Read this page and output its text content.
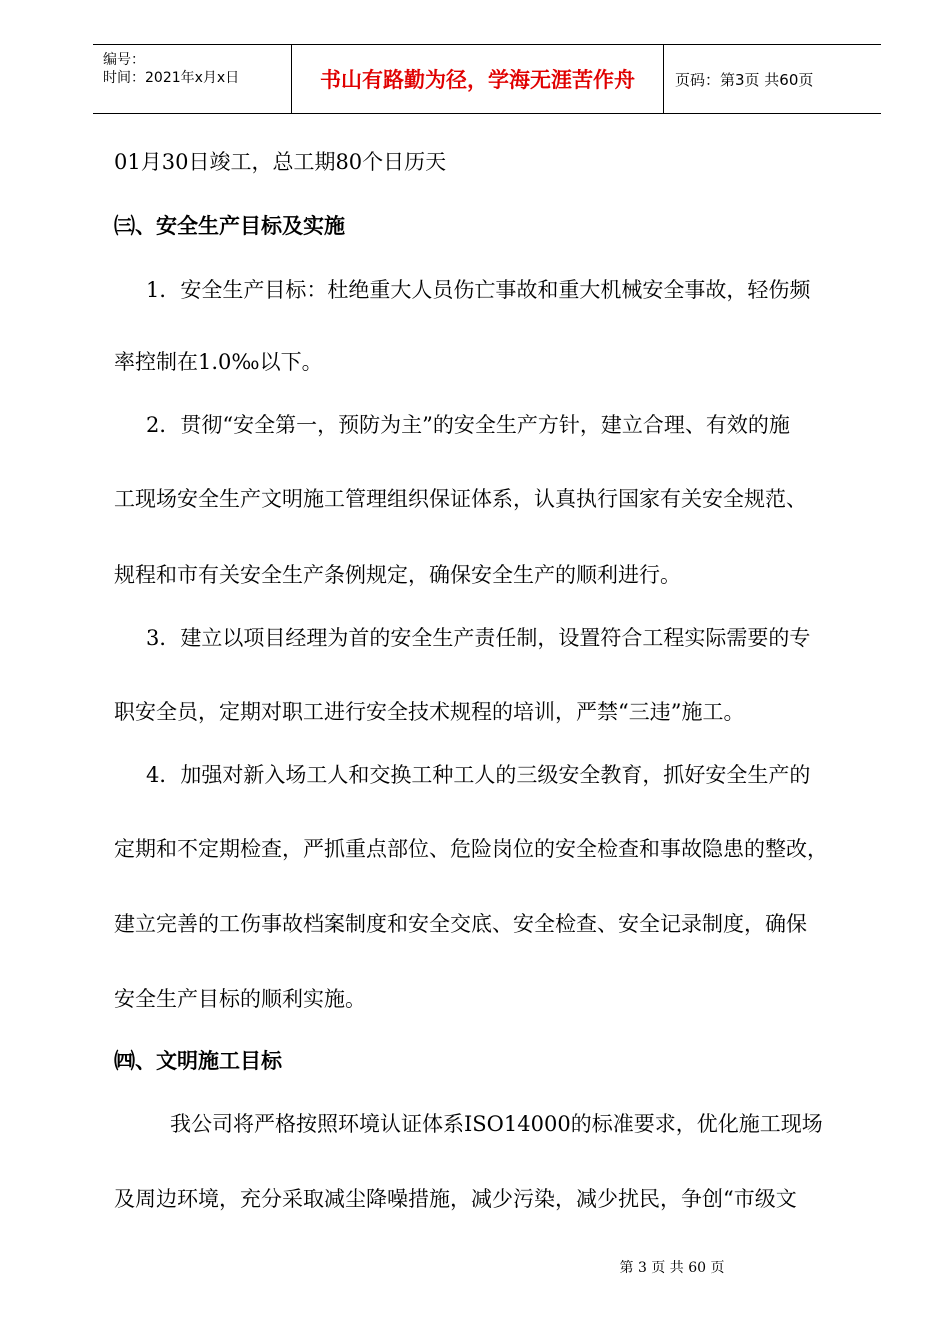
编号：
时间：2021年x月x日	书山有路勤为径，学海无涯苦作舟	页码：第3页 共60页
01月30日竣工，总工期80个日历天
㈢、安全生产目标及实施
1．安全生产目标：杜绝重大人员伤亡事故和重大机械安全事故，轻伤频
率控制在1.0‰以下。
2．贯彻“安全第一，预防为主”的安全生产方针，建立合理、有效的施
工现场安全生产文明施工管理组织保证体系，认真执行国家有关安全规范、
规程和市有关安全生产条例规定，确保安全生产的顺利进行。
3．建立以项目经理为首的安全生产责任制，设置符合工程实际需要的专
职安全员，定期对职工进行安全技术规程的培训，严禁“三违”施工。
4．加强对新入场工人和交换工种工人的三级安全教育，抓好安全生产的
定期和不定期检查，严抓重点部位、危险岗位的安全检查和事故隐患的整改，
建立完善的工伤事故档案制度和安全交底、安全检查、安全记录制度，确保
安全生产目标的顺利实施。
㈣、文明施工目标
我公司将严格按照环境认证体系ISO14000的标准要求，优化施工现场
及周边环境，充分采取减尘降噪措施，减少污染，减少扰民，争创“市级文
第 3 页 共 60 页
